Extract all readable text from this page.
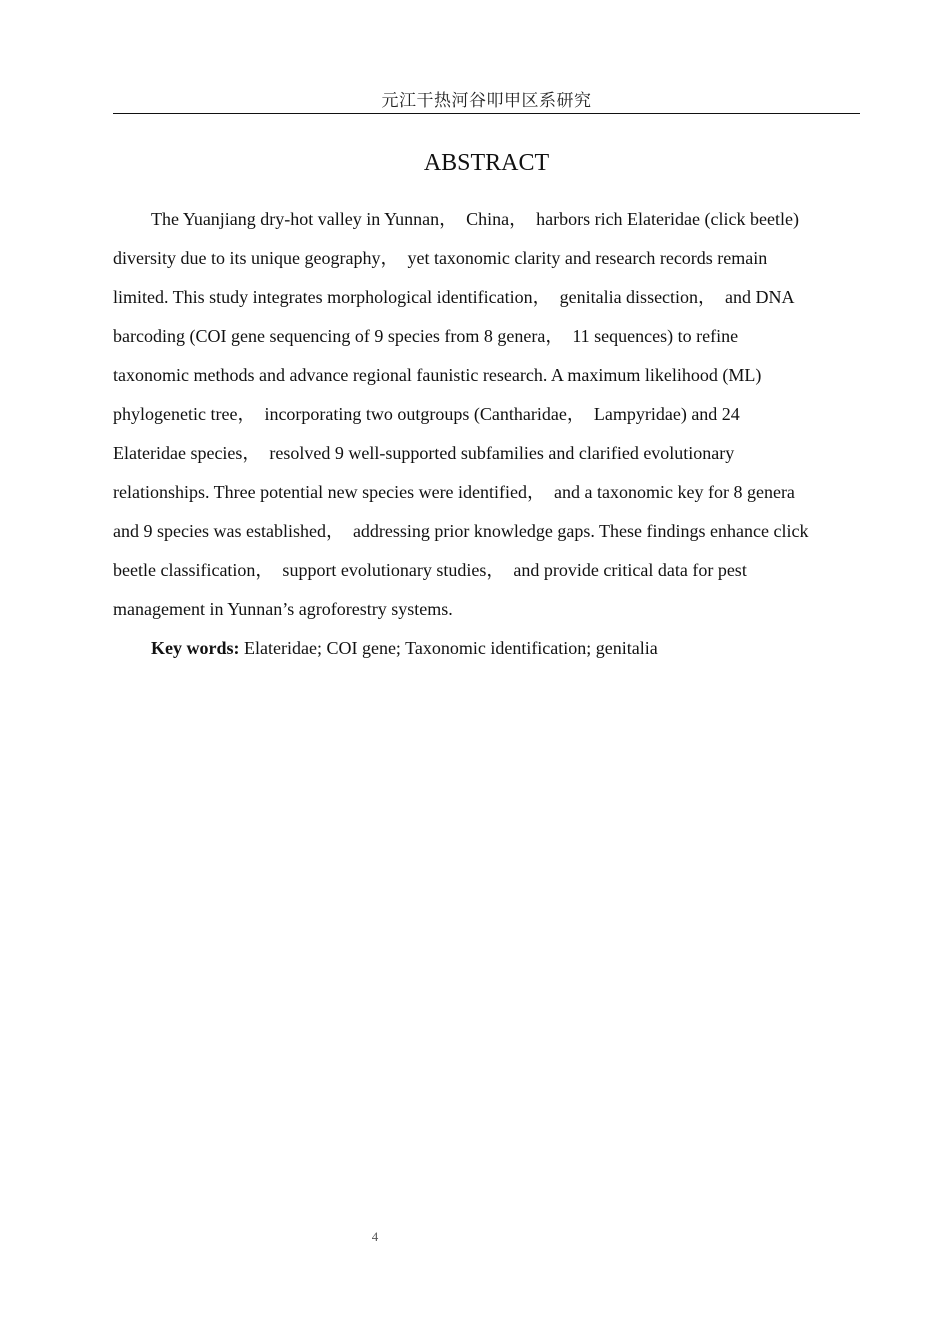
元江干热河谷叩甲区系研究
ABSTRACT
The Yuanjiang dry-hot valley in Yunnan，  China，  harbors rich Elateridae (click beetle)
diversity due to its unique geography，  yet taxonomic clarity and research records remain
limited. This study integrates morphological identification，  genitalia dissection，  and DNA
barcoding (COI gene sequencing of 9 species from 8 genera，  11 sequences) to refine
taxonomic methods and advance regional faunistic research. A maximum likelihood (ML)
phylogenetic tree，  incorporating two outgroups (Cantharidae，  Lampyridae) and 24
Elateridae species，  resolved 9 well-supported subfamilies and clarified evolutionary
relationships. Three potential new species were identified，  and a taxonomic key for 8 genera
and 9 species was established，  addressing prior knowledge gaps. These findings enhance click
beetle classification，  support evolutionary studies，  and provide critical data for pest
management in Yunnan’s agroforestry systems.
Key words: Elateridae; COI gene; Taxonomic identification; genitalia
4
